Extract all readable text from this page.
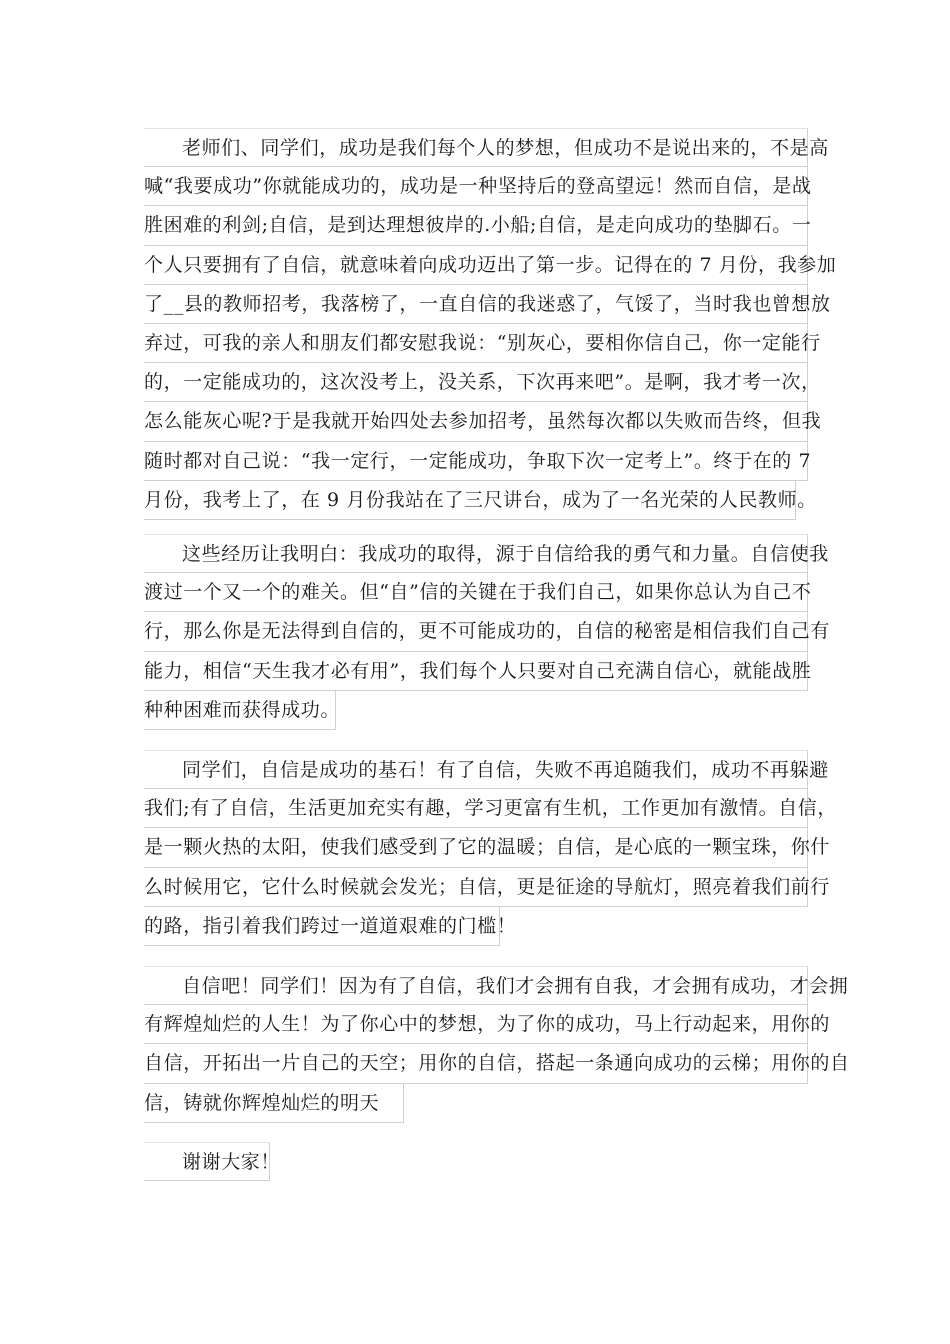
老师们、同学们，成功是我们每个人的梦想，但成功不是说出来的，不是高
喊“我要成功”你就能成功的，成功是一种坚持后的登高望远！然而自信，是战
胜困难的利剑;自信，是到达理想彼岸的.小船;自信，是走向成功的垫脚石。一
个人只要拥有了自信，就意味着向成功迈出了第一步。记得在的 7 月份，我参加
了__县的教师招考，我落榜了，一直自信的我迷惑了，气馁了，当时我也曾想放
弃过，可我的亲人和朋友们都安慰我说：“别灰心，要相你信自己，你一定能行
的，一定能成功的，这次没考上，没关系，下次再来吧”。是啊，我才考一次，
怎么能灰心呢?于是我就开始四处去参加招考，虽然每次都以失败而告终，但我
随时都对自己说：“我一定行，一定能成功，争取下次一定考上”。终于在的 7
月份，我考上了，在 9 月份我站在了三尺讲台，成为了一名光荣的人民教师。
这些经历让我明白：我成功的取得，源于自信给我的勇气和力量。自信使我
渡过一个又一个的难关。但“自”信的关键在于我们自己，如果你总认为自己不
行，那么你是无法得到自信的，更不可能成功的，自信的秘密是相信我们自己有
能力，相信“天生我才必有用”，我们每个人只要对自己充满自信心，就能战胜
种种困难而获得成功。
同学们，自信是成功的基石！有了自信，失败不再追随我们，成功不再躲避
我们;有了自信，生活更加充实有趣，学习更富有生机，工作更加有激情。自信，
是一颗火热的太阳，使我们感受到了它的温暖；自信，是心底的一颗宝珠，你什
么时候用它，它什么时候就会发光；自信，更是征途的导航灯，照亮着我们前行
的路，指引着我们跨过一道道艰难的门槛！
自信吧！同学们！因为有了自信，我们才会拥有自我，才会拥有成功，才会拥
有辉煌灿烂的人生！为了你心中的梦想，为了你的成功，马上行动起来，用你的
自信，开拓出一片自己的天空；用你的自信，搭起一条通向成功的云梯；用你的自
信，铸就你辉煌灿烂的明天
谢谢大家！
